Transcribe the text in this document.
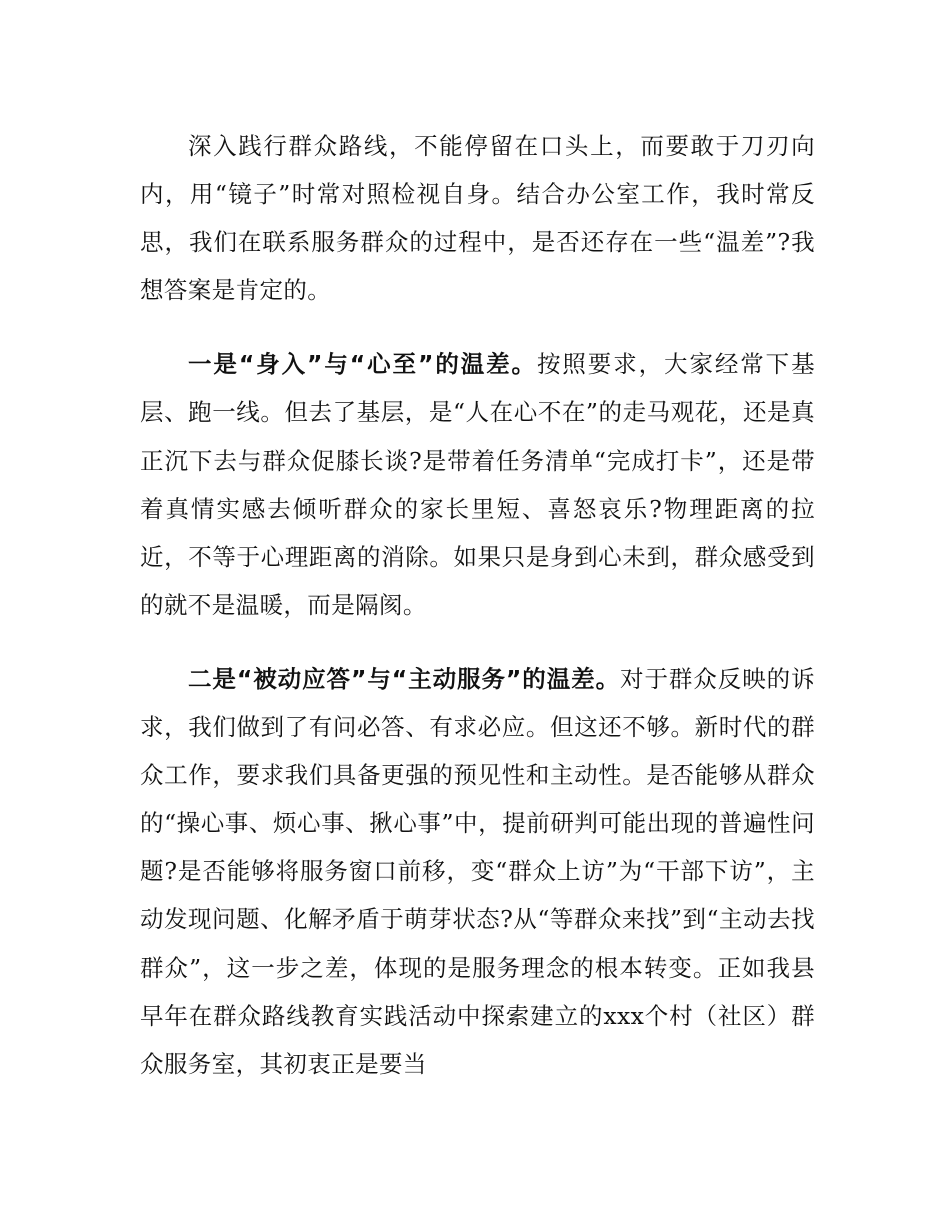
深入践行群众路线，不能停留在口头上，而要敢于刀刃向内，用“镜子”时常对照检视自身。结合办公室工作，我时常反思，我们在联系服务群众的过程中，是否还存在一些“温差”?我想答案是肯定的。

一是“身入”与“心至”的温差。按照要求，大家经常下基层、跑一线。但去了基层，是“人在心不在”的走马观花，还是真正沉下去与群众促膝长谈?是带着任务清单“完成打卡”，还是带着真情实感去倾听群众的家长里短、喜怒哀乐?物理距离的拉近，不等于心理距离的消除。如果只是身到心未到，群众感受到的就不是温暖，而是隔阂。

二是“被动应答”与“主动服务”的温差。对于群众反映的诉求，我们做到了有问必答、有求必应。但这还不够。新时代的群众工作，要求我们具备更强的预见性和主动性。是否能够从群众的“操心事、烦心事、揪心事”中，提前研判可能出现的普遍性问题?是否能够将服务窗口前移，变“群众上访”为“干部下访”，主动发现问题、化解矛盾于萌芽状态?从“等群众来找”到“主动去找群众”，这一步之差，体现的是服务理念的根本转变。正如我县早年在群众路线教育实践活动中探索建立的xxx个村（社区）群众服务室，其初衷正是要当
